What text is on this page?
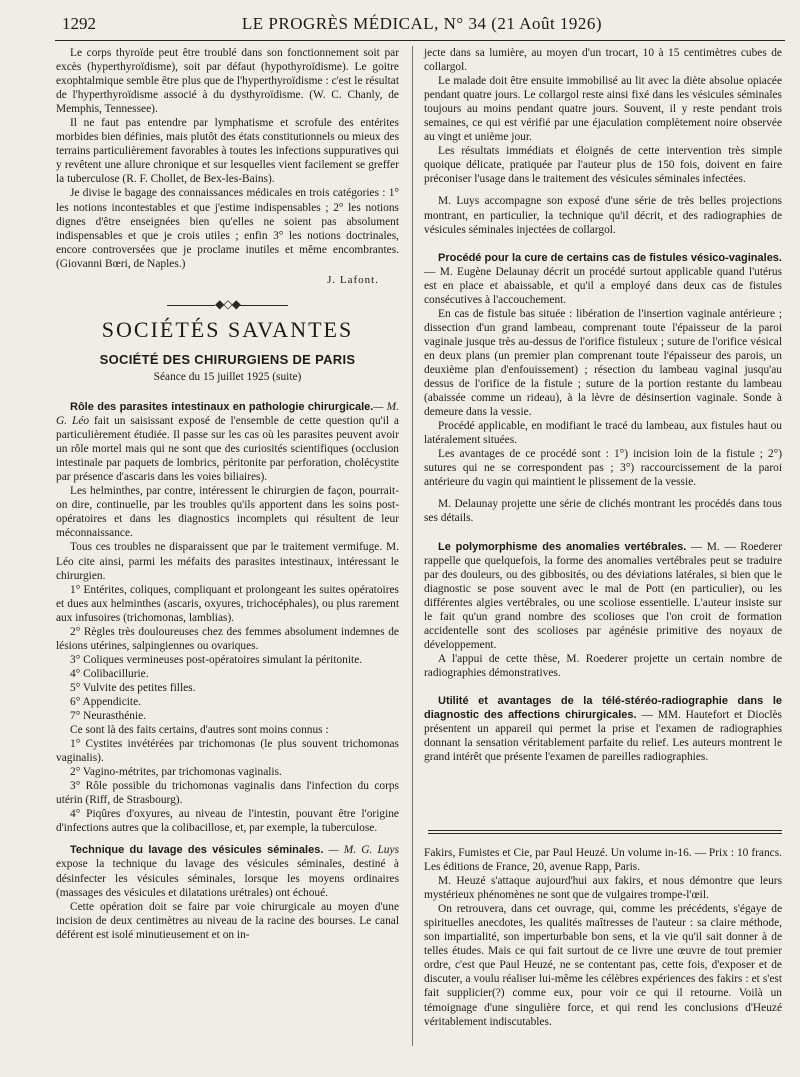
1292	LE PROGRÈS MÉDICAL, N° 34 (21 Août 1926)

Le corps thyroïde peut être troublé dans son fonctionnement soit par excès (hyperthyroïdisme), soit par défaut (hypothyroïdisme). Le goitre exophtalmique semble être plus que de l'hyperthyroïdisme : c'est le résultat de l'hyperthyroïdisme associé à du dysthyroïdisme. (W. C. Chanly, de Memphis, Tennessee).

Il ne faut pas entendre par lymphatisme et scrofule des entérites morbides bien définies, mais plutôt des états constitutionnels ou mieux des terrains particulièrement favorables à toutes les infections suppuratives qui y revêtent une allure chronique et sur lesquelles vient facilement se greffer la tuberculose (R. F. Chollet, de Bex-les-Bains).

Je divise le bagage des connaissances médicales en trois catégories : 1° les notions incontestables et que j'estime indispensables ; 2° les notions dignes d'être enseignées bien qu'elles ne soient pas absolument indispensables et que je crois utiles ; enfin 3° les notions doctrinales, encore controversées que je proclame inutiles et même encombrantes. (Giovanni Bœri, de Naples.)

J. Lafont.
◆◇◆
SOCIÉTÉS SAVANTES
SOCIÉTÉ DES CHIRURGIENS DE PARIS
Séance du 15 juillet 1925 (suite)

Rôle des parasites intestinaux en pathologie chirurgicale.— M. G. Léo fait un saisissant exposé de l'ensemble de cette question qu'il a particulièrement étudiée. Il passe sur les cas où les parasites peuvent avoir un rôle mortel mais qui ne sont que des curiosités scientifiques (occlusion intestinale par paquets de lombrics, péritonite par perforation, cholécystite par présence d'ascaris dans les voies biliaires).

Les helminthes, par contre, intéressent le chirurgien de façon, pourrait-on dire, continuelle, par les troubles qu'ils apportent dans les soins post-opératoires et dans les diagnostics incomplets qui résultent de leur méconnaissance.

Tous ces troubles ne disparaissent que par le traitement vermifuge. M. Léo cite ainsi, parmi les méfaits des parasites intestinaux, intéressant le chirurgien.

1° Entérites, coliques, compliquant et prolongeant les suites opératoires et dues aux helminthes (ascaris, oxyures, trichocéphales), ou plus rarement aux infusoires (trichomonas, lamblias).

2° Règles très douloureuses chez des femmes absolument indemnes de lésions utérines, salpingiennes ou ovariques.

3° Coliques vermineuses post-opératoires simulant la péritonite.

4° Colibacillurie.

5° Vulvite des petites filles.

6° Appendicite.

7° Neurasthénie.

Ce sont là des faits certains, d'autres sont moins connus :

1° Cystites invétérées par trichomonas (le plus souvent trichomonas vaginalis).

2° Vagino-métrites, par trichomonas vaginalis.

3° Rôle possible du trichomonas vaginalis dans l'infection du corps utérin (Riff, de Strasbourg).

4° Piqûres d'oxyures, au niveau de l'intestin, pouvant être l'origine d'infections autres que la colibacillose, et, par exemple, la tuberculose.

Technique du lavage des vésicules séminales. — M. G. Luys expose la technique du lavage des vésicules séminales, destiné à désinfecter les vésicules séminales, lorsque les moyens ordinaires (massages des vésicules et dilatations urétrales) ont échoué.

Cette opération doit se faire par voie chirurgicale au moyen d'une incision de deux centimètres au niveau de la racine des bourses. Le canal déférent est isolé minutieusement et on in-

jecte dans sa lumière, au moyen d'un trocart, 10 à 15 centimètres cubes de collargol.

Le malade doit être ensuite immobilisé au lit avec la diète absolue opiacée pendant quatre jours. Le collargol reste ainsi fixé dans les vésicules séminales toujours au moins pendant quatre jours. Souvent, il y reste pendant trois semaines, ce qui est vérifié par une éjaculation complètement noire observée au vingt et unième jour.

Les résultats immédiats et éloignés de cette intervention très simple quoique délicate, pratiquée par l'auteur plus de 150 fois, doivent en faire préconiser l'usage dans le traitement des vésicules séminales infectées.

M. Luys accompagne son exposé d'une série de très belles projections montrant, en particulier, la technique qu'il décrit, et des radiographies de vésicules séminales injectées de collargol.

Procédé pour la cure de certains cas de fistules vésico-vaginales. — M. Eugène Delaunay décrit un procédé surtout applicable quand l'utérus est en place et abaissable, et qu'il a employé dans deux cas de fistules consécutives à l'accouchement.

En cas de fistule bas située : libération de l'insertion vaginale antérieure ; dissection d'un grand lambeau, comprenant toute l'épaisseur de la paroi vaginale jusque très au-dessus de l'orifice fistuleux ; suture de l'orifice vésical en deux plans (un premier plan comprenant toute l'épaisseur des parois, un deuxième plan d'enfouissement) ; résection du lambeau vaginal jusqu'au dessus de l'orifice de la fistule ; suture de la portion restante du lambeau (abaissée comme un rideau), à la lèvre de désinsertion vaginale. Sonde à demeure dans la vessie.

Procédé applicable, en modifiant le tracé du lambeau, aux fistules haut ou latéralement situées.

Les avantages de ce procédé sont : 1°) incision loin de la fistule ; 2°) sutures qui ne se correspondent pas ; 3°) raccourcissement de la paroi antérieure du vagin qui maintient le plissement de la vessie.

M. Delaunay projette une série de clichés montrant les procédés dans tous ses détails.

Le polymorphisme des anomalies vertébrales. — M. — Roederer rappelle que quelquefois, la forme des anomalies vertébrales peut se traduire par des douleurs, ou des gibbosités, ou des déviations latérales, si bien que le diagnostic se pose souvent avec le mal de Pott (en particulier), ou les différentes algies vertébrales, ou une scoliose essentielle. L'auteur insiste sur le fait qu'un grand nombre des scolioses que l'on croit de formation accidentelle sont des scolioses par agénésie primitive des noyaux de développement.

A l'appui de cette thèse, M. Roederer projette un certain nombre de radiographies démonstratives.

Utilité et avantages de la télé-stéréo-radiographie dans le diagnostic des affections chirurgicales. — MM. Hautefort et Dioclès présentent un appareil qui permet la prise et l'examen de radiographies donnant la sensation véritablement parfaite du relief. Les auteurs montrent le grand intérêt que présente l'examen de pareilles radiographies.

Fakirs, Fumistes et Cie, par Paul Heuzé. Un volume in-16. — Prix : 10 francs. Les éditions de France, 20, avenue Rapp, Paris.

M. Heuzé s'attaque aujourd'hui aux fakirs, et nous démontre que leurs mystérieux phénomènes ne sont que de vulgaires trompe-l'œil.

On retrouvera, dans cet ouvrage, qui, comme les précédents, s'égaye de spirituelles anecdotes, les qualités maîtresses de l'auteur : sa claire méthode, son impartialité, son imperturbable bon sens, et la vie qu'il sait donner à de telles études. Mais ce qui fait surtout de ce livre une œuvre de tout premier ordre, c'est que Paul Heuzé, ne se contentant pas, cette fois, d'exposer et de discuter, a voulu réaliser lui-même les célèbres expériences des fakirs : et s'est fait supplicier(?) comme eux, pour voir ce qui il retourne. Voilà un témoignage d'une singulière force, et qui rend les conclusions d'Heuzé véritablement indiscutables.
